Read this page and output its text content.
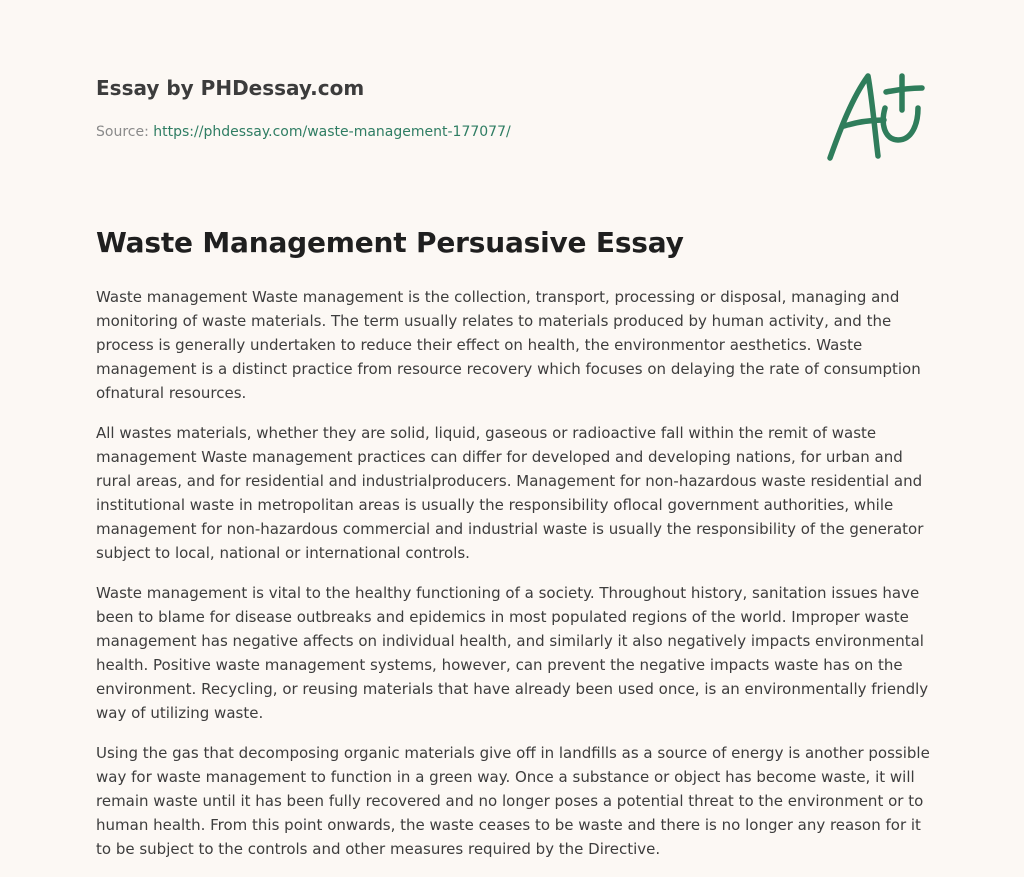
Essay by PHDessay.com

Source: https://phdessay.com/waste-management-177077/

Waste Management Persuasive Essay

Waste management Waste management is the collection, transport, processing or disposal, managing and monitoring of waste materials. The term usually relates to materials produced by human activity, and the process is generally undertaken to reduce their effect on health, the environmentor aesthetics. Waste management is a distinct practice from resource recovery which focuses on delaying the rate of consumption ofnatural resources.

All wastes materials, whether they are solid, liquid, gaseous or radioactive fall within the remit of waste management Waste management practices can differ for developed and developing nations, for urban and rural areas, and for residential and industrialproducers. Management for non-hazardous waste residential and institutional waste in metropolitan areas is usually the responsibility oflocal government authorities, while management for non-hazardous commercial and industrial waste is usually the responsibility of the generator subject to local, national or international controls.

Waste management is vital to the healthy functioning of a society. Throughout history, sanitation issues have been to blame for disease outbreaks and epidemics in most populated regions of the world. Improper waste management has negative affects on individual health, and similarly it also negatively impacts environmental health. Positive waste management systems, however, can prevent the negative impacts waste has on the environment. Recycling, or reusing materials that have already been used once, is an environmentally friendly way of utilizing waste.

Using the gas that decomposing organic materials give off in landfills as a source of energy is another possible way for waste management to function in a green way. Once a substance or object has become waste, it will remain waste until it has been fully recovered and no longer poses a potential threat to the environment or to human health. From this point onwards, the waste ceases to be waste and there is no longer any reason for it to be subject to the controls and other measures required by the Directive.
